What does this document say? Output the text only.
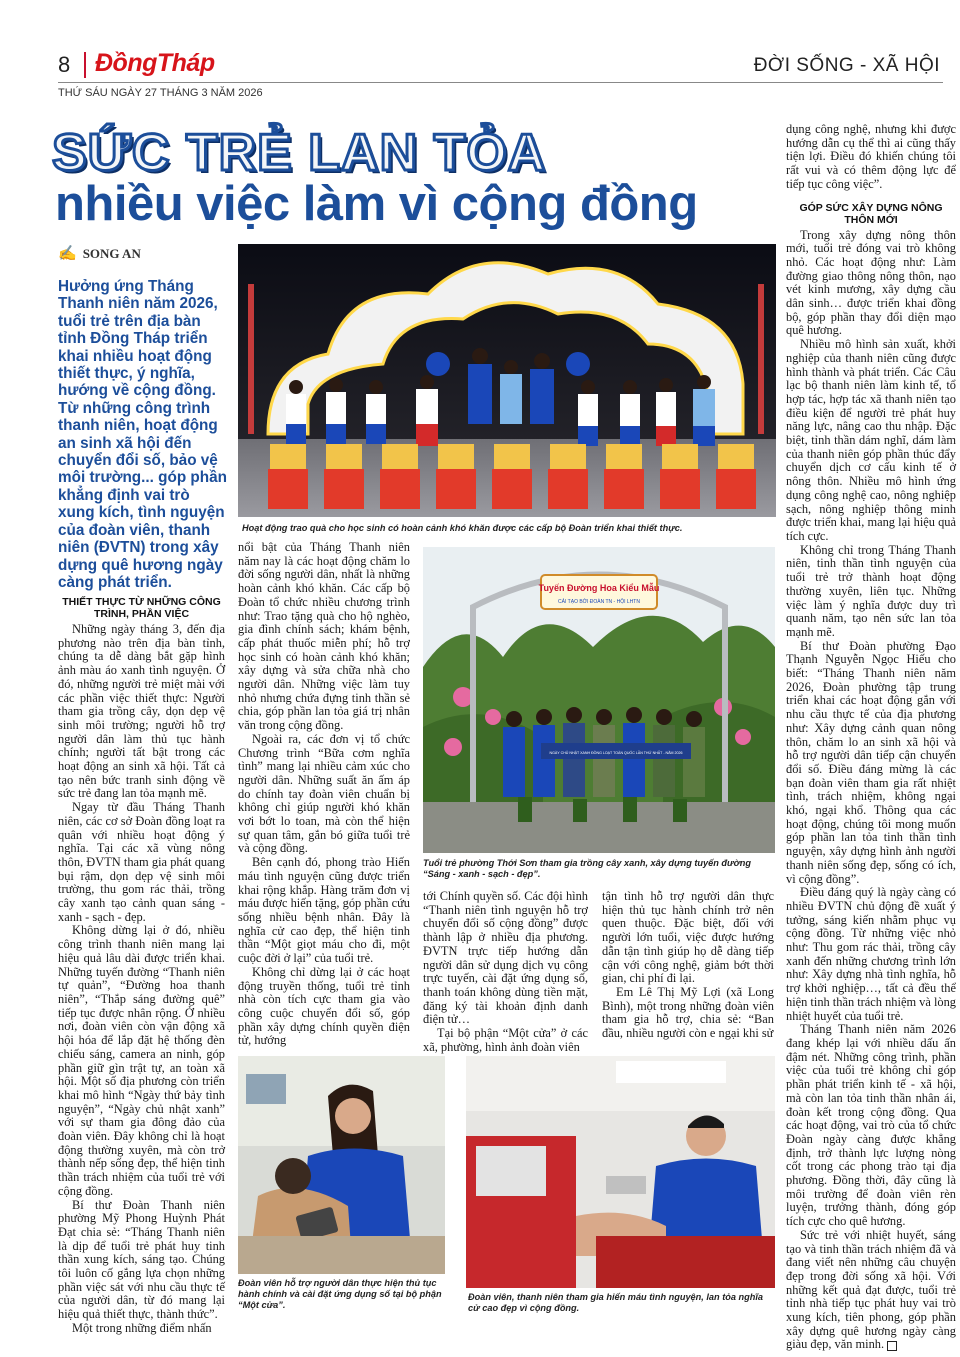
8 ĐồngTháp	ĐỜI SỐNG - XÃ HỘI
THỨ SÁU NGÀY 27 THÁNG 3 NĂM 2026
SỨC TRẺ LAN TỎA
nhiều việc làm vì cộng đồng
✍ SONG AN
Hưởng ứng Tháng Thanh niên năm 2026, tuổi trẻ trên địa bàn tỉnh Đồng Tháp triển khai nhiều hoạt động thiết thực, ý nghĩa, hướng về cộng đồng. Từ những công trình thanh niên, hoạt động an sinh xã hội đến chuyển đổi số, bảo vệ môi trường... góp phần khẳng định vai trò xung kích, tình nguyện của đoàn viên, thanh niên (ĐVTN) trong xây dựng quê hương ngày càng phát triển.
Hoạt động trao quà cho học sinh có hoàn cảnh khó khăn được các cấp bộ Đoàn triển khai thiết thực.
Tuyến Đường Hoa Kiểu Mẫu
CẢI TẠO BỞI ĐOÀN TN - HỘI LHTN
NGÀY CHỦ NHẬT XANH ĐỒNG LOẠT TOÀN QUỐC LẦN THỨ NHẤT - NĂM 2026
Tuổi trẻ phường Thới Sơn tham gia trồng cây xanh, xây dựng tuyến đường “Sáng - xanh - sạch - đẹp”.
Đoàn viên hỗ trợ người dân thực hiện thủ tục hành chính và cài đặt ứng dụng số tại bộ phận “Một cửa”.
Đoàn viên, thanh niên tham gia hiến máu tình nguyện, lan tỏa nghĩa cử cao đẹp vì cộng đồng.
THIẾT THỰC TỪ NHỮNG CÔNG TRÌNH, PHẦN VIỆC

Những ngày tháng 3, đến địa phương nào trên địa bàn tỉnh, chúng ta dễ dàng bắt gặp hình ảnh màu áo xanh tình nguyện. Ở đó, những người trẻ miệt mài với các phần việc thiết thực: Người tham gia trồng cây, dọn dẹp vệ sinh môi trường; người hỗ trợ người dân làm thủ tục hành chính; người tất bật trong các hoạt động an sinh xã hội. Tất cả tạo nên bức tranh sinh động về sức trẻ đang lan tỏa mạnh mẽ.

Ngay từ đầu Tháng Thanh niên, các cơ sở Đoàn đồng loạt ra quân với nhiều hoạt động ý nghĩa. Tại các xã vùng nông thôn, ĐVTN tham gia phát quang bụi rậm, dọn dẹp vệ sinh môi trường, thu gom rác thải, trồng cây xanh tạo cảnh quan sáng - xanh - sạch - đẹp.

Không dừng lại ở đó, nhiều công trình thanh niên mang lại hiệu quả lâu dài được triển khai. Những tuyến đường “Thanh niên tự quản”, “Đường hoa thanh niên”, “Thắp sáng đường quê” tiếp tục được nhân rộng. Ở nhiều nơi, đoàn viên còn vận động xã hội hóa để lắp đặt hệ thống đèn chiếu sáng, camera an ninh, góp phần giữ gìn trật tự, an toàn xã hội. Một số địa phương còn triển khai mô hình “Ngày thứ bảy tình nguyện”, “Ngày chủ nhật xanh” với sự tham gia đông đảo của đoàn viên. Đây không chỉ là hoạt động thường xuyên, mà còn trở thành nếp sống đẹp, thể hiện tinh thần trách nhiệm của tuổi trẻ với cộng đồng.

Bí thư Đoàn Thanh niên phường Mỹ Phong Huỳnh Phát Đạt chia sẻ: “Tháng Thanh niên là dịp để tuổi trẻ phát huy tinh thần xung kích, sáng tạo. Chúng tôi luôn cố gắng lựa chọn những phần việc sát với nhu cầu thực tế của người dân, từ đó mang lại hiệu quả thiết thực, thành thức”.

Một trong những điểm nhấn

nổi bật của Tháng Thanh niên năm nay là các hoạt động chăm lo đời sống người dân, nhất là những hoàn cảnh khó khăn. Các cấp bộ Đoàn tổ chức nhiều chương trình như: Trao tặng quà cho hộ nghèo, gia đình chính sách; khám bệnh, cấp phát thuốc miễn phí; hỗ trợ học sinh có hoàn cảnh khó khăn; xây dựng và sửa chữa nhà cho người dân. Những việc làm tuy nhỏ nhưng chứa đựng tinh thần sẻ chia, góp phần lan tỏa giá trị nhân văn trong cộng đồng.

Ngoài ra, các đơn vị tổ chức Chương trình “Bữa cơm nghĩa tình” mang lại nhiều cảm xúc cho người dân. Những suất ăn ấm áp do chính tay đoàn viên chuẩn bị không chỉ giúp người khó khăn vơi bớt lo toan, mà còn thể hiện sự quan tâm, gắn bó giữa tuổi trẻ và cộng đồng.

Bên cạnh đó, phong trào Hiến máu tình nguyện cũng được triển khai rộng khắp. Hàng trăm đơn vị máu được hiến tặng, góp phần cứu sống nhiều bệnh nhân. Đây là nghĩa cử cao đẹp, thể hiện tinh thần “Một giọt máu cho đi, một cuộc đời ở lại” của tuổi trẻ.

Không chỉ dừng lại ở các hoạt động truyền thống, tuổi trẻ tỉnh nhà còn tích cực tham gia vào công cuộc chuyển đổi số, góp phần xây dựng chính quyền điện tử, hướng

tới Chính quyền số. Các đội hình “Thanh niên tình nguyện hỗ trợ chuyển đổi số cộng đồng” được thành lập ở nhiều địa phương. ĐVTN trực tiếp hướng dẫn người dân sử dụng dịch vụ công trực tuyến, cài đặt ứng dụng số, thanh toán không dùng tiền mặt, đăng ký tài khoản định danh điện tử…

Tại bộ phận “Một cửa” ở các xã, phường, hình ảnh đoàn viên

tận tình hỗ trợ người dân thực hiện thủ tục hành chính trở nên quen thuộc. Đặc biệt, đối với người lớn tuổi, việc được hướng dẫn tận tình giúp họ dễ dàng tiếp cận với công nghệ, giảm bớt thời gian, chi phí đi lại.

Em Lê Thị Mỹ Lợi (xã Long Bình), một trong những đoàn viên tham gia hỗ trợ, chia sẻ: “Ban đầu, nhiều người còn e ngại khi sử

dụng công nghệ, nhưng khi được hướng dẫn cụ thể thì ai cũng thấy tiện lợi. Điều đó khiến chúng tôi rất vui và có thêm động lực để tiếp tục công việc”.

GÓP SỨC XÂY DỰNG NÔNG THÔN MỚI

Trong xây dựng nông thôn mới, tuổi trẻ đóng vai trò không nhỏ. Các hoạt động như: Làm đường giao thông nông thôn, nạo vét kinh mương, xây dựng cầu dân sinh… được triển khai đồng bộ, góp phần thay đổi diện mạo quê hương.

Nhiều mô hình sản xuất, khởi nghiệp của thanh niên cũng được hình thành và phát triển. Các Câu lạc bộ thanh niên làm kinh tế, tổ hợp tác, hợp tác xã thanh niên tạo điều kiện để người trẻ phát huy năng lực, nâng cao thu nhập. Đặc biệt, tỉnh thần dám nghĩ, dám làm của thanh niên góp phần thúc đẩy chuyển dịch cơ cấu kinh tế ở nông thôn. Nhiều mô hình ứng dụng công nghệ cao, nông nghiệp sạch, nông nghiệp thông minh được triển khai, mang lại hiệu quả tích cực.

Không chỉ trong Tháng Thanh niên, tinh thần tình nguyện của tuổi trẻ trở thành hoạt động thường xuyên, liên tục. Những việc làm ý nghĩa được duy trì quanh năm, tạo nên sức lan tỏa mạnh mẽ.

Bí thư Đoàn phường Đạo Thạnh Nguyễn Ngọc Hiếu cho biết: “Tháng Thanh niên năm 2026, Đoàn phường tập trung triển khai các hoạt động gắn với nhu cầu thực tế của địa phương như: Xây dựng cảnh quan nông thôn, chăm lo an sinh xã hội và hỗ trợ người dân tiếp cận chuyển đổi số. Điều đáng mừng là các bạn đoàn viên tham gia rất nhiệt tình, trách nhiệm, không ngại khó, ngại khổ. Thông qua các hoạt động, chúng tôi mong muốn góp phần lan tỏa tinh thần tình nguyện, xây dựng hình ảnh người thanh niên sống đẹp, sống có ích, vì cộng đồng”.

Điều đáng quý là ngày càng có nhiều ĐVTN chủ động đề xuất ý tưởng, sáng kiến nhằm phục vụ cộng đồng. Từ những việc nhỏ như: Thu gom rác thải, trồng cây xanh đến những chương trình lớn như: Xây dựng nhà tình nghĩa, hỗ trợ khởi nghiệp…, tất cả đều thể hiện tinh thần trách nhiệm và lòng nhiệt huyết của tuổi trẻ.

Tháng Thanh niên năm 2026 đang khép lại với nhiều dấu ấn đậm nét. Những công trình, phần việc của tuổi trẻ không chỉ góp phần phát triển kinh tế - xã hội, mà còn lan tỏa tinh thần nhân ái, đoàn kết trong cộng đồng. Qua các hoạt động, vai trò của tổ chức Đoàn ngày càng được khẳng định, trở thành lực lượng nòng cốt trong các phong trào tại địa phương. Đồng thời, đây cũng là môi trường để đoàn viên rèn luyện, trưởng thành, đóng góp tích cực cho quê hương.

Sức trẻ với nhiệt huyết, sáng tạo và tinh thần trách nhiệm đã và đang viết nên những câu chuyện đẹp trong đời sống xã hội. Với những kết quả đạt được, tuổi trẻ tỉnh nhà tiếp tục phát huy vai trò xung kích, tiên phong, góp phần xây dựng quê hương ngày càng giàu đẹp, văn minh.
